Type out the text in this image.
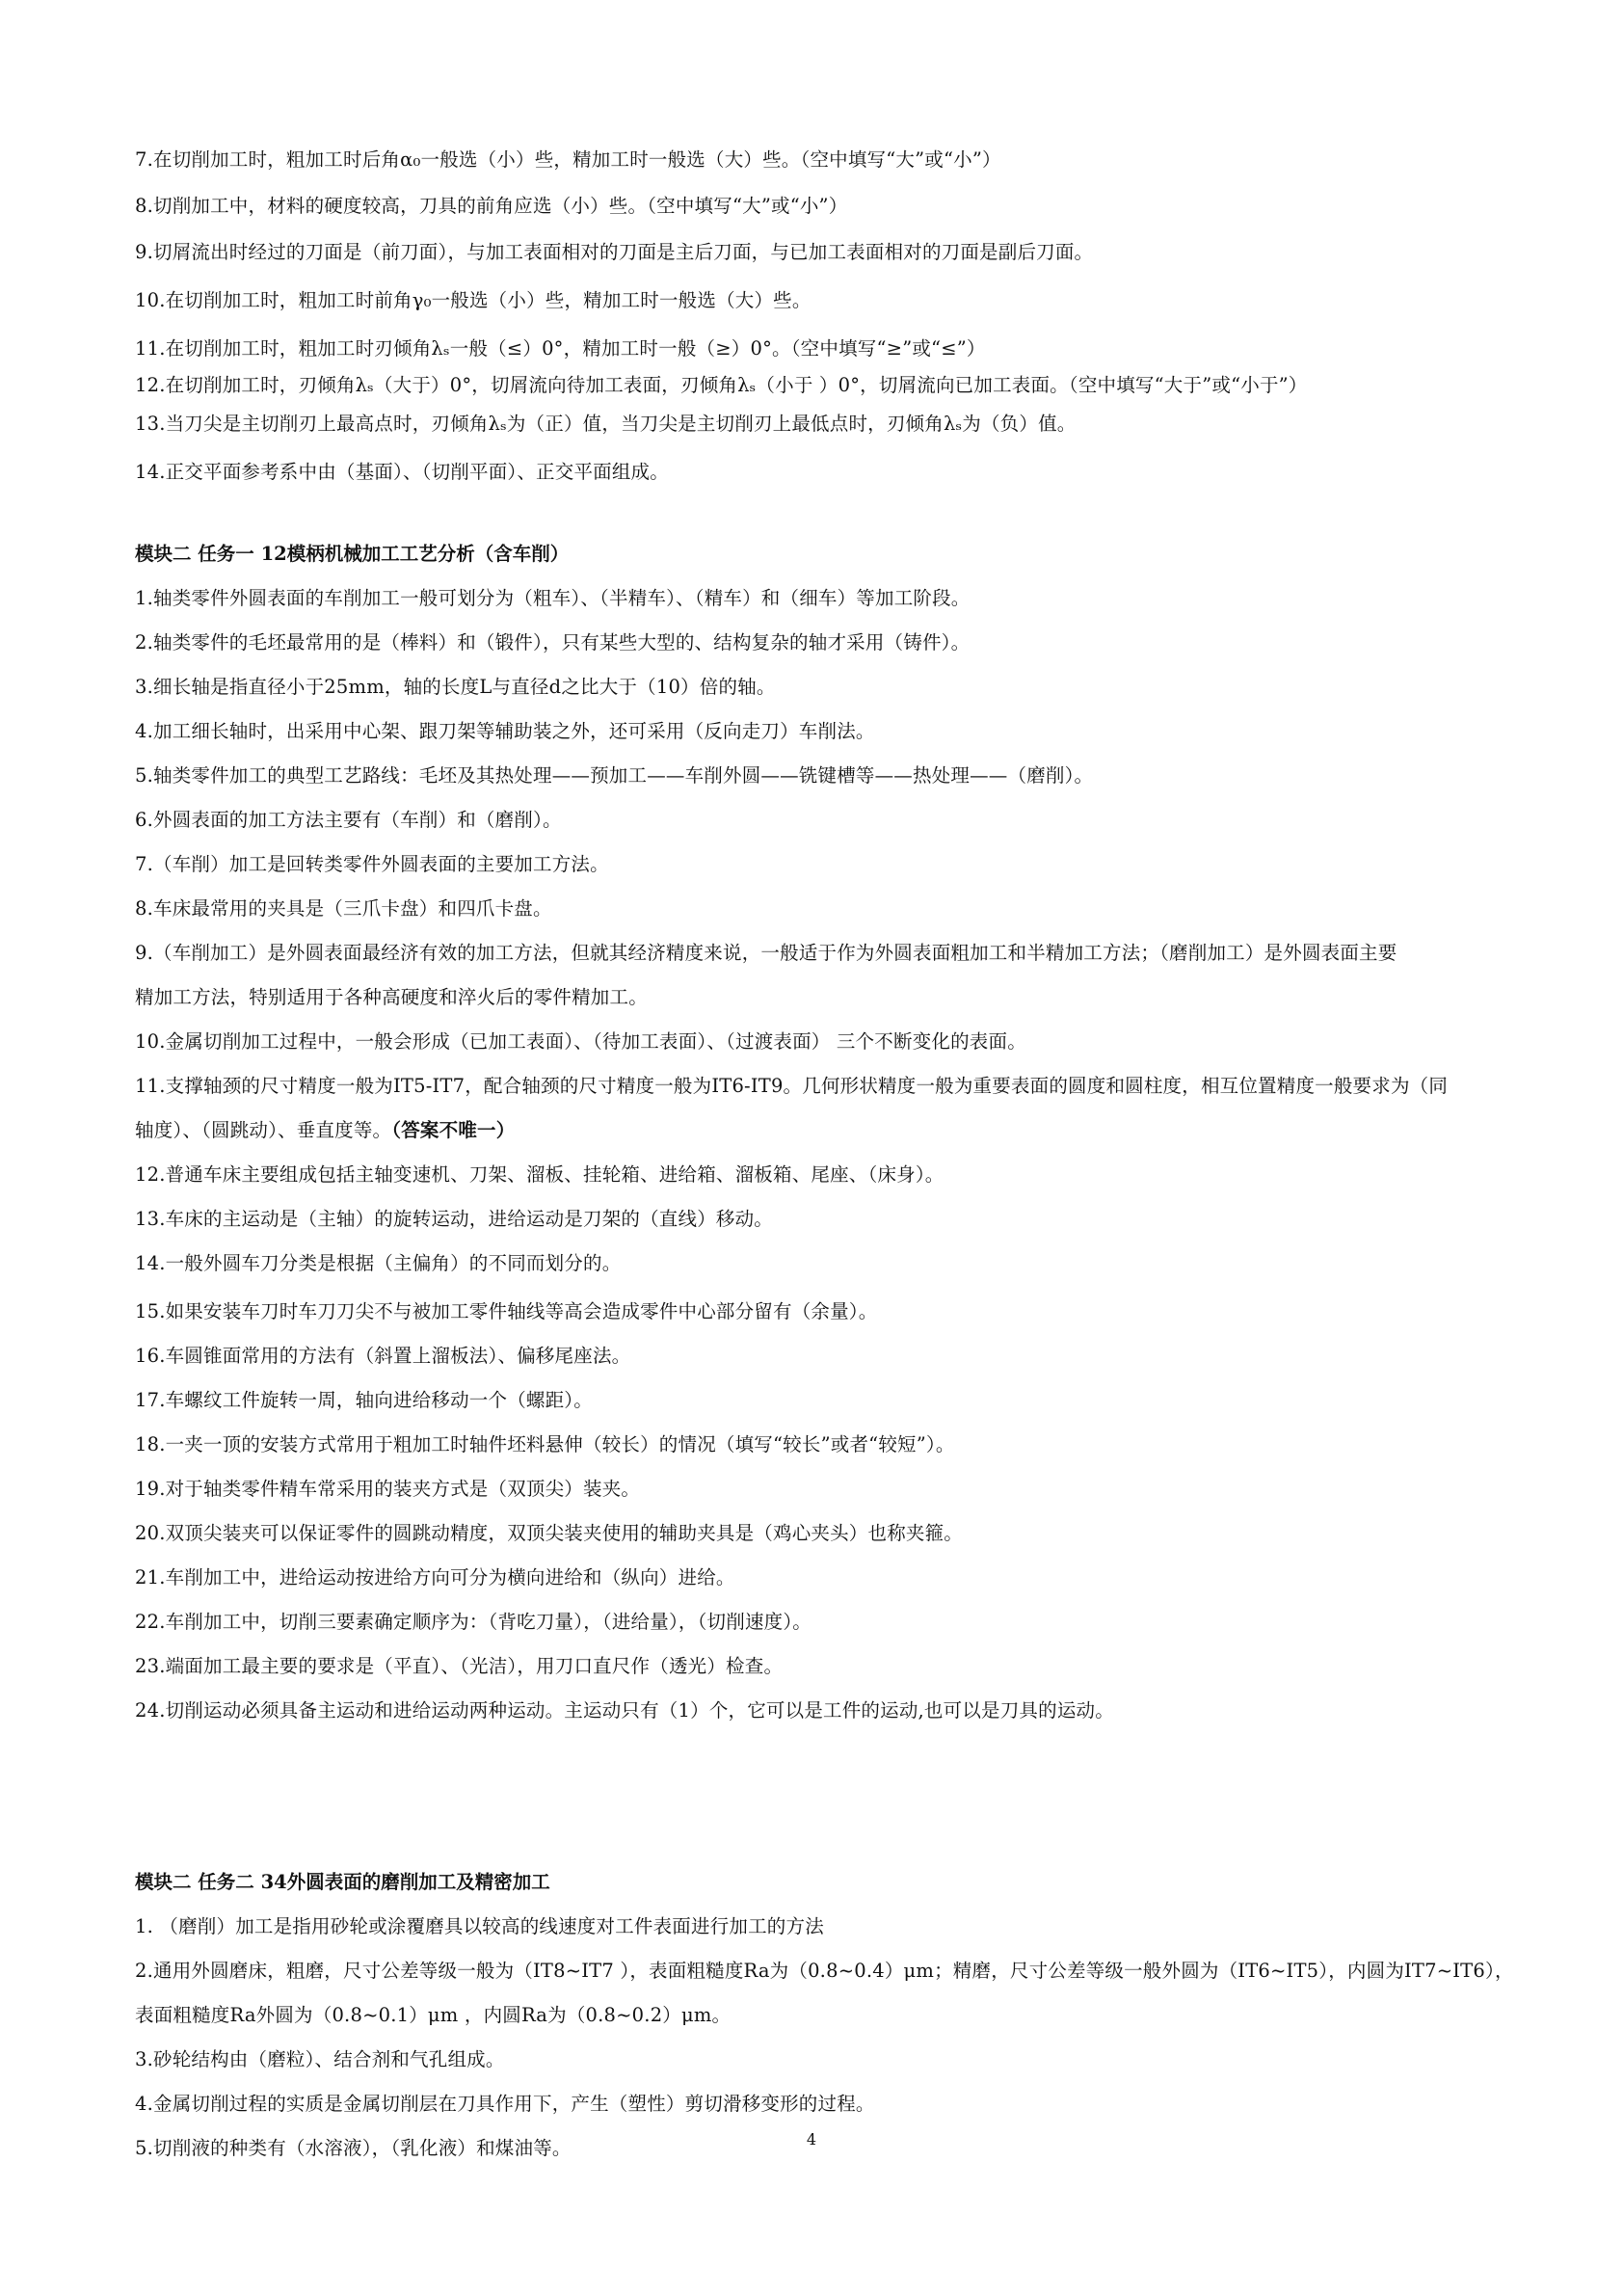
7.在切削加工时，粗加工时后角α₀一般选（小）些，精加工时一般选（大）些。（空中填写“大”或“小”）
8.切削加工中，材料的硬度较高，刀具的前角应选（小）些。（空中填写“大”或“小”）
9.切屑流出时经过的刀面是（前刀面），与加工表面相对的刀面是主后刀面，与已加工表面相对的刀面是副后刀面。
10.在切削加工时，粗加工时前角γ₀一般选（小）些，精加工时一般选（大）些。
11.在切削加工时，粗加工时刃倾角λₛ一般（≤）0°，精加工时一般（≥）0°。（空中填写“≥”或“≤”）
12.在切削加工时，刃倾角λₛ（大于）0°，切屑流向待加工表面，刃倾角λₛ（小于 ）0°，切屑流向已加工表面。（空中填写“大于”或“小于”）
13.当刀尖是主切削刃上最高点时，刃倾角λₛ为（正）值，当刀尖是主切削刃上最低点时，刃倾角λₛ为（负）值。
14.正交平面参考系中由（基面）、（切削平面）、正交平面组成。
模块二 任务一 12模柄机械加工工艺分析（含车削）
1.轴类零件外圆表面的车削加工一般可划分为（粗车）、（半精车）、（精车）和（细车）等加工阶段。
2.轴类零件的毛坯最常用的是（棒料）和（锻件），只有某些大型的、结构复杂的轴才采用（铸件）。
3.细长轴是指直径小于25mm，轴的长度L与直径d之比大于（10）倍的轴。
4.加工细长轴时，出采用中心架、跟刀架等辅助装之外，还可采用（反向走刀）车削法。
5.轴类零件加工的典型工艺路线：毛坯及其热处理——预加工——车削外圆——铣键槽等——热处理——（磨削）。
6.外圆表面的加工方法主要有（车削）和（磨削）。
7.（车削）加工是回转类零件外圆表面的主要加工方法。
8.车床最常用的夹具是（三爪卡盘）和四爪卡盘。
9.（车削加工）是外圆表面最经济有效的加工方法，但就其经济精度来说，一般适于作为外圆表面粗加工和半精加工方法；（磨削加工）是外圆表面主要
精加工方法，特别适用于各种高硬度和淬火后的零件精加工。
10.金属切削加工过程中，一般会形成（已加工表面）、（待加工表面）、（过渡表面） 三个不断变化的表面。
11.支撑轴颈的尺寸精度一般为IT5-IT7，配合轴颈的尺寸精度一般为IT6-IT9。几何形状精度一般为重要表面的圆度和圆柱度，相互位置精度一般要求为（同
轴度）、（圆跳动）、垂直度等。（答案不唯一）
12.普通车床主要组成包括主轴变速机、刀架、溜板、挂轮箱、进给箱、溜板箱、尾座、（床身）。
13.车床的主运动是（主轴）的旋转运动，进给运动是刀架的（直线）移动。
14.一般外圆车刀分类是根据（主偏角）的不同而划分的。
15.如果安装车刀时车刀刀尖不与被加工零件轴线等高会造成零件中心部分留有（余量）。
16.车圆锥面常用的方法有（斜置上溜板法）、偏移尾座法。
17.车螺纹工件旋转一周，轴向进给移动一个（螺距）。
18.一夹一顶的安装方式常用于粗加工时轴件坯料悬伸（较长）的情况（填写“较长”或者“较短”）。
19.对于轴类零件精车常采用的装夹方式是（双顶尖）装夹。
20.双顶尖装夹可以保证零件的圆跳动精度，双顶尖装夹使用的辅助夹具是（鸡心夹头）也称夹箍。
21.车削加工中，进给运动按进给方向可分为横向进给和（纵向）进给。
22.车削加工中，切削三要素确定顺序为：（背吃刀量），（进给量），（切削速度）。
23.端面加工最主要的要求是（平直）、（光洁），用刀口直尺作（透光）检查。
24.切削运动必须具备主运动和进给运动两种运动。主运动只有（1）个，它可以是工件的运动,也可以是刀具的运动。
模块二 任务二 34外圆表面的磨削加工及精密加工
1. （磨削）加工是指用砂轮或涂覆磨具以较高的线速度对工件表面进行加工的方法
2.通用外圆磨床，粗磨，尺寸公差等级一般为（IT8~IT7 ），表面粗糙度Ra为（0.8~0.4）μm；精磨，尺寸公差等级一般外圆为（IT6~IT5），内圆为IT7~IT6），
表面粗糙度Ra外圆为（0.8~0.1）μm ，内圆Ra为（0.8~0.2）μm。
3.砂轮结构由（磨粒）、结合剂和气孔组成。
4.金属切削过程的实质是金属切削层在刀具作用下，产生（塑性）剪切滑移变形的过程。
5.切削液的种类有（水溶液），（乳化液）和煤油等。	4
